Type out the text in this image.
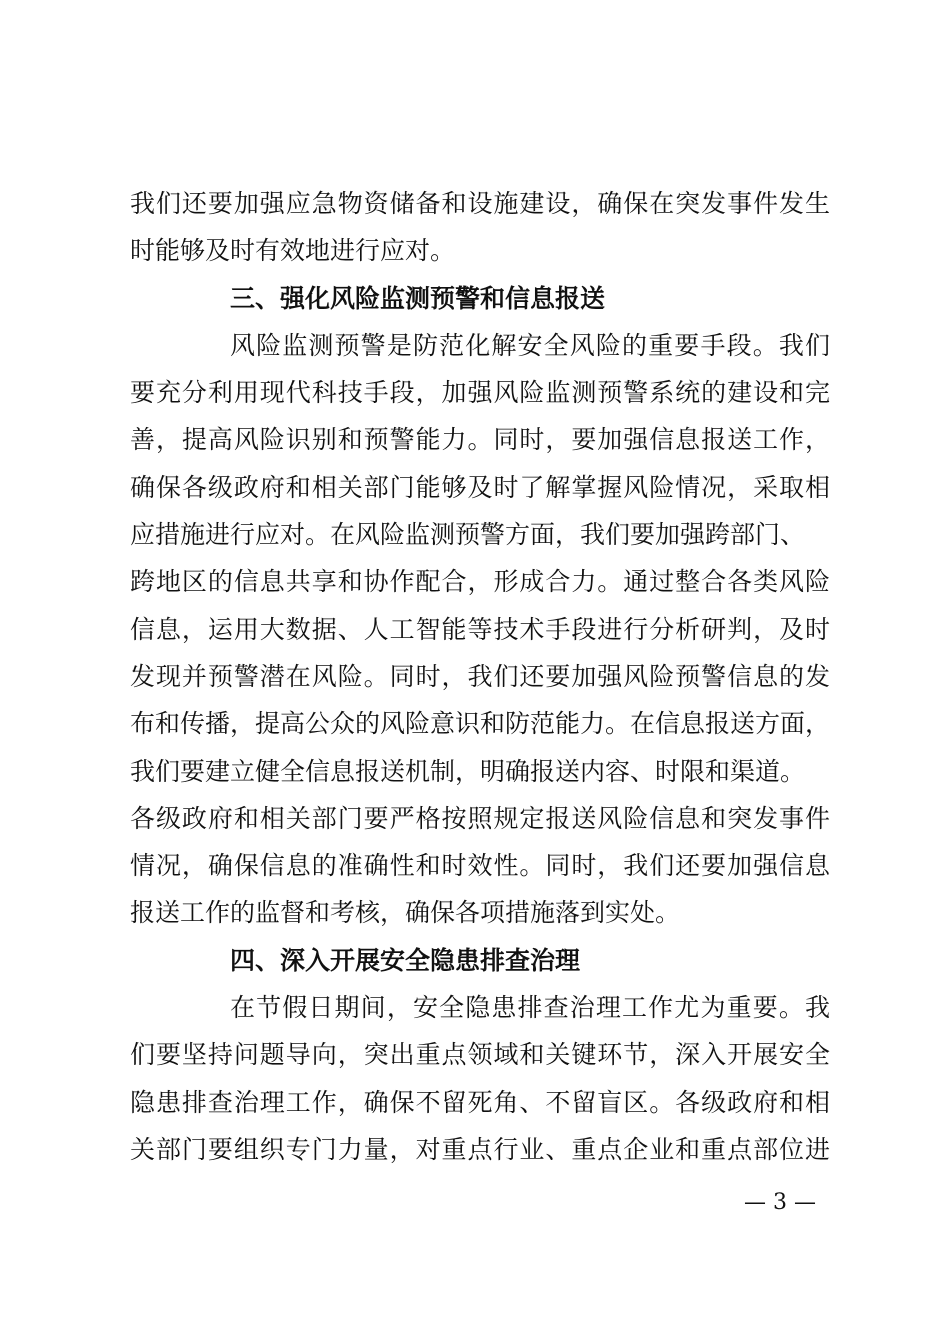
我们还要加强应急物资储备和设施建设，确保在突发事件发生
时能够及时有效地进行应对。
三、强化风险监测预警和信息报送
风险监测预警是防范化解安全风险的重要手段。我们
要充分利用现代科技手段，加强风险监测预警系统的建设和完
善，提高风险识别和预警能力。同时，要加强信息报送工作，
确保各级政府和相关部门能够及时了解掌握风险情况，采取相
应措施进行应对。在风险监测预警方面，我们要加强跨部门、
跨地区的信息共享和协作配合，形成合力。通过整合各类风险
信息，运用大数据、人工智能等技术手段进行分析研判，及时
发现并预警潜在风险。同时，我们还要加强风险预警信息的发
布和传播，提高公众的风险意识和防范能力。在信息报送方面，
我们要建立健全信息报送机制，明确报送内容、时限和渠道。
各级政府和相关部门要严格按照规定报送风险信息和突发事件
情况，确保信息的准确性和时效性。同时，我们还要加强信息
报送工作的监督和考核，确保各项措施落到实处。
四、深入开展安全隐患排查治理
在节假日期间，安全隐患排查治理工作尤为重要。我
们要坚持问题导向，突出重点领域和关键环节，深入开展安全
隐患排查治理工作，确保不留死角、不留盲区。各级政府和相
关部门要组织专门力量，对重点行业、重点企业和重点部位进
— 3 —
